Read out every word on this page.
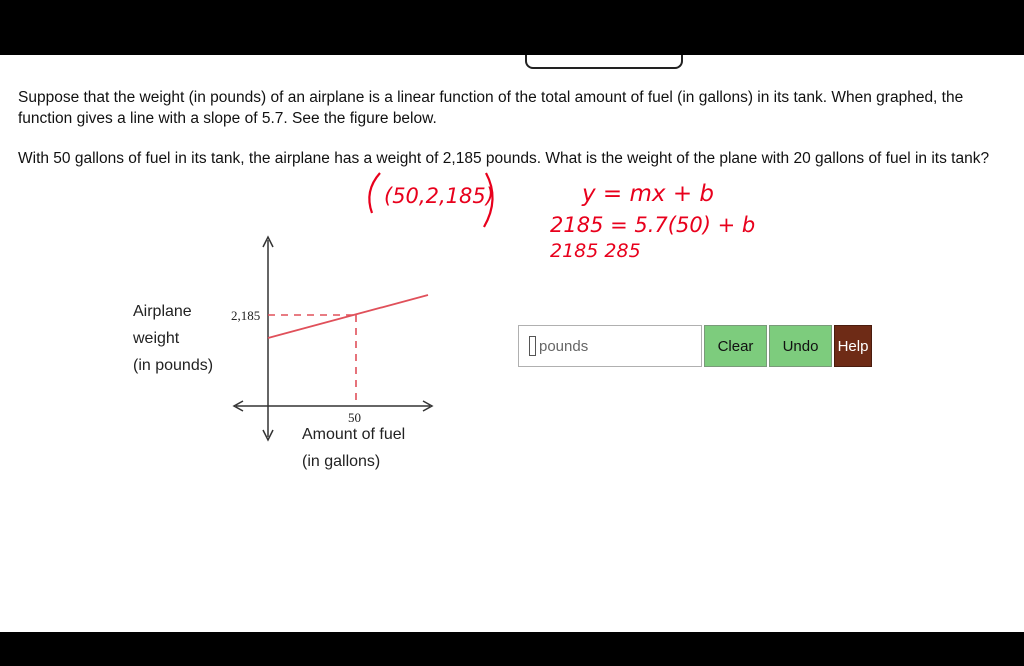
Suppose that the weight (in pounds) of an airplane is a linear function of the total amount of fuel (in gallons) in its tank. When graphed, the function gives a line with a slope of 5.7. See the figure below.

With 50 gallons of fuel in its tank, the airplane has a weight of 2,185 pounds. What is the weight of the plane with 20 gallons of fuel in its tank?

Airplane
weight
(in pounds)
Amount of fuel
(in gallons)
2,185
50
pounds
Clear	Undo	Help
(50,2,185)	y = mx + b
2185 = 5.7(50) + b
2185 285
